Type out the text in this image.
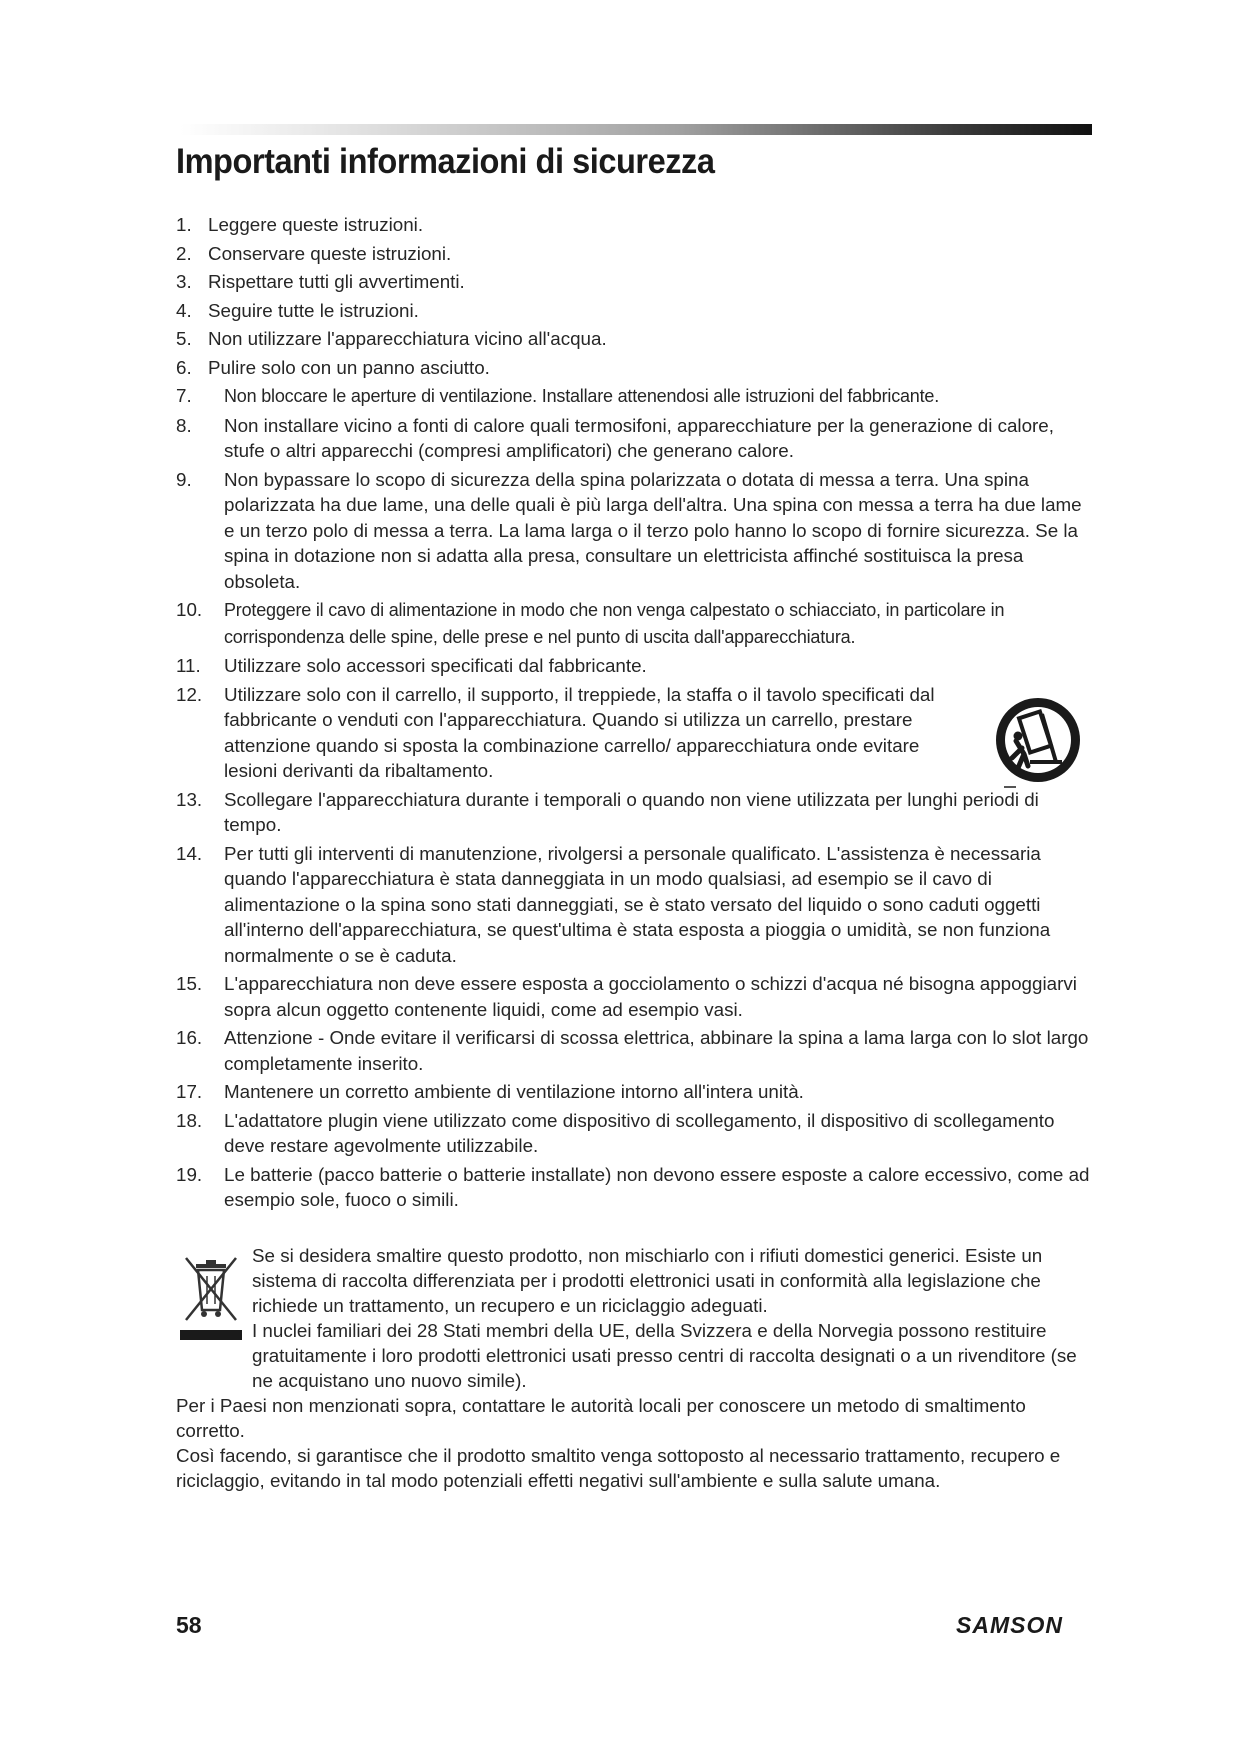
Importanti informazioni di sicurezza
1. Leggere queste istruzioni.
2. Conservare queste istruzioni.
3. Rispettare tutti gli avvertimenti.
4. Seguire tutte le istruzioni.
5. Non utilizzare l'apparecchiatura vicino all'acqua.
6. Pulire solo con un panno asciutto.
7. Non bloccare le aperture di ventilazione. Installare attenendosi alle istruzioni del fabbricante.
8. Non installare vicino a fonti di calore quali termosifoni, apparecchiature per la generazione di calore, stufe o altri apparecchi (compresi amplificatori) che generano calore.
9. Non bypassare lo scopo di sicurezza della spina polarizzata o dotata di messa a terra. Una spina polarizzata ha due lame, una delle quali è più larga dell'altra. Una spina con messa a terra ha due lame e un terzo polo di messa a terra. La lama larga o il terzo polo hanno lo scopo di fornire sicurezza. Se la spina in dotazione non si adatta alla presa, consultare un elettricista affinché sostituisca la presa obsoleta.
10. Proteggere il cavo di alimentazione in modo che non venga calpestato o schiacciato, in particolare in corrispondenza delle spine, delle prese e nel punto di uscita dall'apparecchiatura.
11. Utilizzare solo accessori specificati dal fabbricante.
12. Utilizzare solo con il carrello, il supporto, il treppiede, la staffa o il tavolo specificati dal fabbricante o venduti con l'apparecchiatura. Quando si utilizza un carrello, prestare attenzione quando si sposta la combinazione carrello/ apparecchiatura onde evitare lesioni derivanti da ribaltamento.
13. Scollegare l'apparecchiatura durante i temporali o quando non viene utilizzata per lunghi periodi di tempo.
14. Per tutti gli interventi di manutenzione, rivolgersi a personale qualificato. L'assistenza è necessaria quando l'apparecchiatura è stata danneggiata in un modo qualsiasi, ad esempio se il cavo di alimentazione o la spina sono stati danneggiati, se è stato versato del liquido o sono caduti oggetti all'interno dell'apparecchiatura, se quest'ultima è stata esposta a pioggia o umidità, se non funziona normalmente o se è caduta.
15. L'apparecchiatura non deve essere esposta a gocciolamento o schizzi d'acqua né bisogna appoggiarvi sopra alcun oggetto contenente liquidi, come ad esempio vasi.
16. Attenzione - Onde evitare il verificarsi di scossa elettrica, abbinare la spina a lama larga con lo slot largo completamente inserito.
17. Mantenere un corretto ambiente di ventilazione intorno all'intera unità.
18. L'adattatore plugin viene utilizzato come dispositivo di scollegamento, il dispositivo di scollegamento deve restare agevolmente utilizzabile.
19. Le batterie (pacco batterie o batterie installate) non devono essere esposte a calore eccessivo, come ad esempio sole, fuoco o simili.

Se si desidera smaltire questo prodotto, non mischiarlo con i rifiuti domestici generici. Esiste un sistema di raccolta differenziata per i prodotti elettronici usati in conformità alla legislazione che richiede un trattamento, un recupero e un riciclaggio adeguati.

I nuclei familiari dei 28 Stati membri della UE, della Svizzera e della Norvegia possono restituire gratuitamente i loro prodotti elettronici usati presso centri di raccolta designati o a un rivenditore (se ne acquistano uno nuovo simile).

Per i Paesi non menzionati sopra, contattare le autorità locali per conoscere un metodo di smaltimento corretto.

Così facendo, si garantisce che il prodotto smaltito venga sottoposto al necessario trattamento, recupero e riciclaggio, evitando in tal modo potenziali effetti negativi sull'ambiente e sulla salute umana.

58	SAMSON
